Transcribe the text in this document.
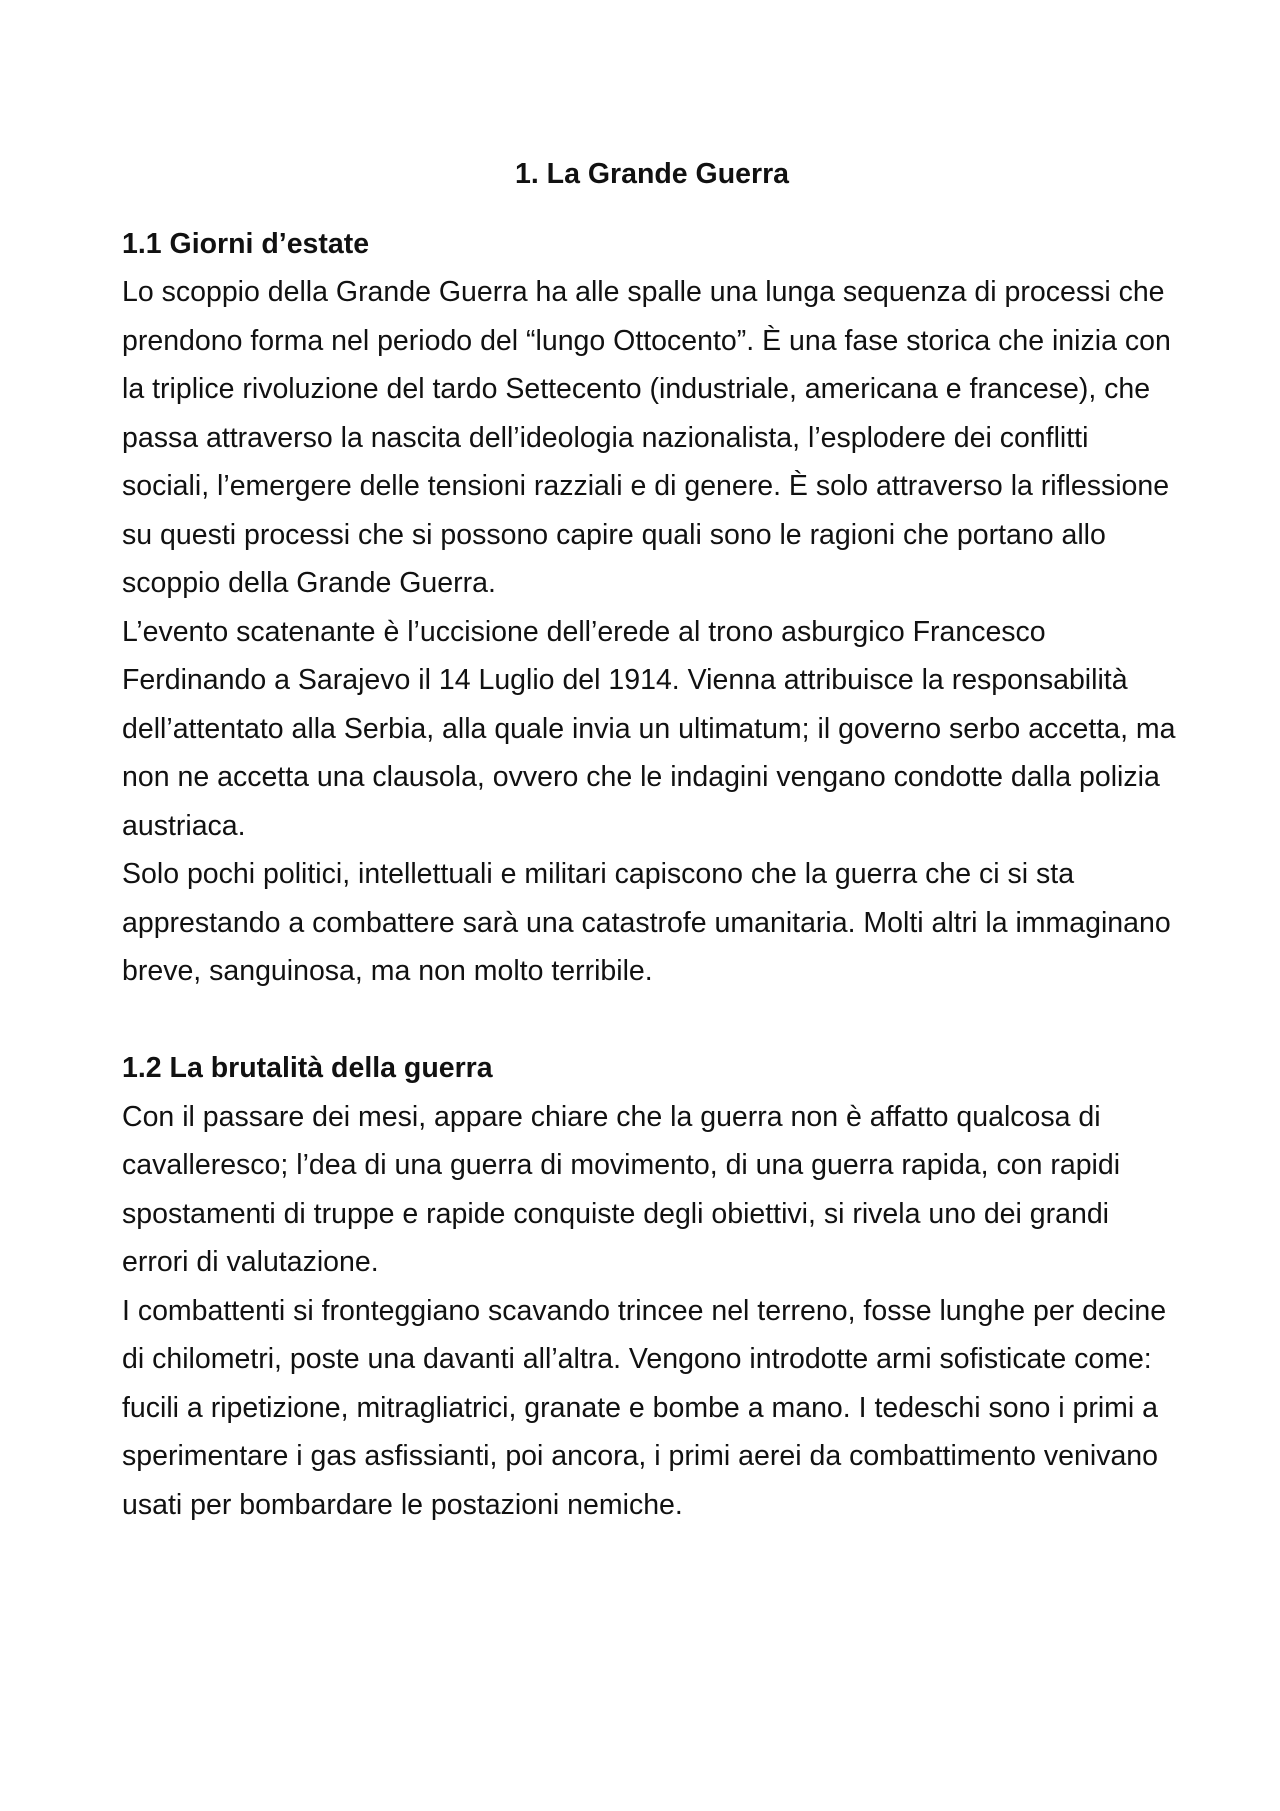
1. La Grande Guerra
1.1 Giorni d’estate

Lo scoppio della Grande Guerra ha alle spalle una lunga sequenza di processi che prendono forma nel periodo del “lungo Ottocento”. È una fase storica che inizia con la triplice rivoluzione del tardo Settecento (industriale, americana e francese), che passa attraverso la nascita dell’ideologia nazionalista, l’esplodere dei conflitti sociali, l’emergere delle tensioni razziali e di genere. È solo attraverso la riflessione su questi processi che si possono capire quali sono le ragioni che portano allo scoppio della Grande Guerra.

L’evento scatenante è l’uccisione dell’erede al trono asburgico Francesco Ferdinando a Sarajevo il 14 Luglio del 1914. Vienna attribuisce la responsabilità dell’attentato alla Serbia, alla quale invia un ultimatum; il governo serbo accetta, ma non ne accetta una clausola, ovvero che le indagini vengano condotte dalla polizia austriaca.

Solo pochi politici, intellettuali e militari capiscono che la guerra che ci si sta apprestando a combattere sarà una catastrofe umanitaria. Molti altri la immaginano breve, sanguinosa, ma non molto terribile.

1.2 La brutalità della guerra

Con il passare dei mesi, appare chiare che la guerra non è affatto qualcosa di cavalleresco; l’dea di una guerra di movimento, di una guerra rapida, con rapidi spostamenti di truppe e rapide conquiste degli obiettivi, si rivela uno dei grandi errori di valutazione.

I combattenti si fronteggiano scavando trincee nel terreno, fosse lunghe per decine di chilometri, poste una davanti all’altra. Vengono introdotte armi sofisticate come: fucili a ripetizione, mitragliatrici, granate e bombe a mano. I tedeschi sono i primi a sperimentare i gas asfissianti, poi ancora, i primi aerei da combattimento venivano usati per bombardare le postazioni nemiche.
